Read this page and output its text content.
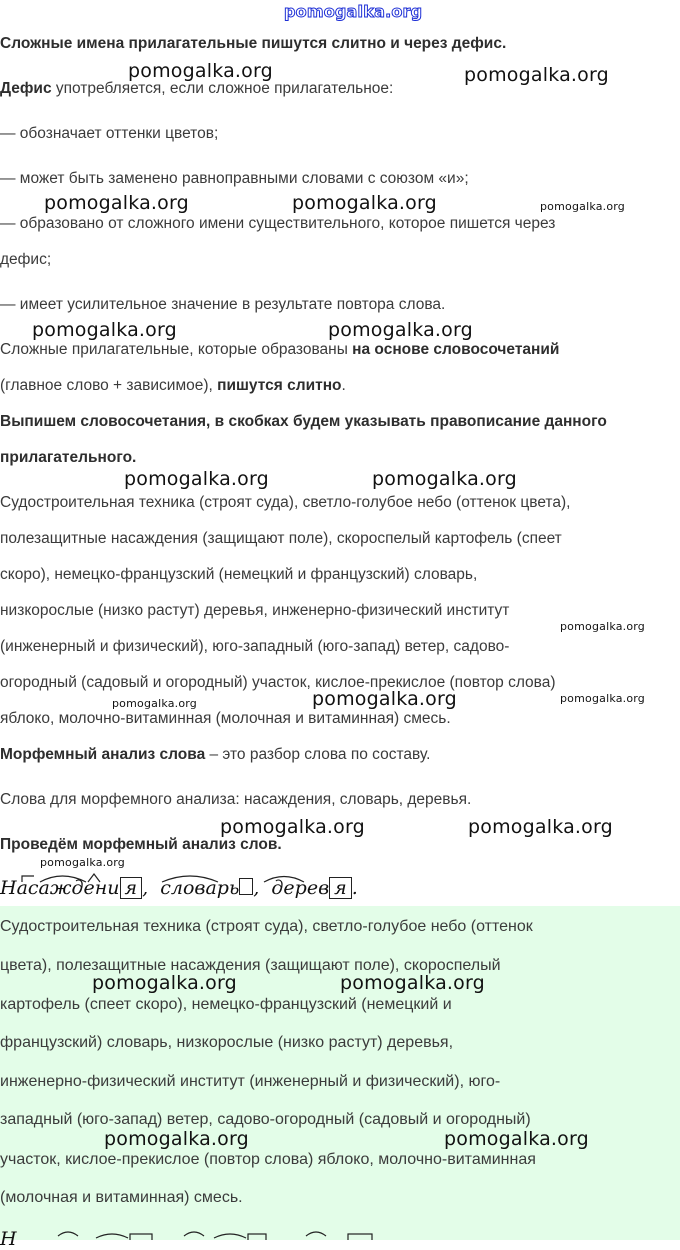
pomogalka.org
Сложные имена прилагательные пишутся слитно и через дефис.
Дефис употребляется, если сложное прилагательное:
— обозначает оттенки цветов;
— может быть заменено равноправными словами с союзом «и»;
— образовано от сложного имени существительного, которое пишется через
дефис;
— имеет усилительное значение в результате повтора слова.
Сложные прилагательные, которые образованы на основе словосочетаний
(главное слово + зависимое), пишутся слитно.
Выпишем словосочетания, в скобках будем указывать правописание данного
прилагательного.
Судостроительная техника (строят суда), светло-голубое небо (оттенок цвета),
полезащитные насаждения (защищают поле), скороспелый картофель (спеет
скоро), немецко-французский (немецкий и французский) словарь,
низкорослые (низко растут) деревья, инженерно-физический институт
(инженерный и физический), юго-западный (юго-запад) ветер, садово-
огородный (садовый и огородный) участок, кислое-прекислое (повтор слова)
яблоко, молочно-витаминная (молочная и витаминная) смесь.
Морфемный анализ слова – это разбор слова по составу.
Слова для морфемного анализа: насаждения, словарь, деревья.
Проведём морфемный анализ слов.
Насаждени я , словарь , дерев я .
Судостроительная техника (строят суда), светло-голубое небо (оттенок
цвета), полезащитные насаждения (защищают поле), скороспелый
картофель (спеет скоро), немецко-французский (немецкий и
французский) словарь, низкорослые (низко растут) деревья,
инженерно-физический институт (инженерный и физический), юго-
западный (юго-запад) ветер, садово-огородный (садовый и огородный)
участок, кислое-прекислое (повтор слова) яблоко, молочно-витаминная
(молочная и витаминная) смесь.
Н
pomogalka.org	pomogalka.org
pomogalka.org	pomogalka.org	pomogalka.org
pomogalka.org	pomogalka.org
pomogalka.org	pomogalka.org
pomogalka.org
pomogalka.org	pomogalka.org
pomogalka.org
pomogalka.org	pomogalka.org
pomogalka.org
pomogalka.org	pomogalka.org
pomogalka.org	pomogalka.org
